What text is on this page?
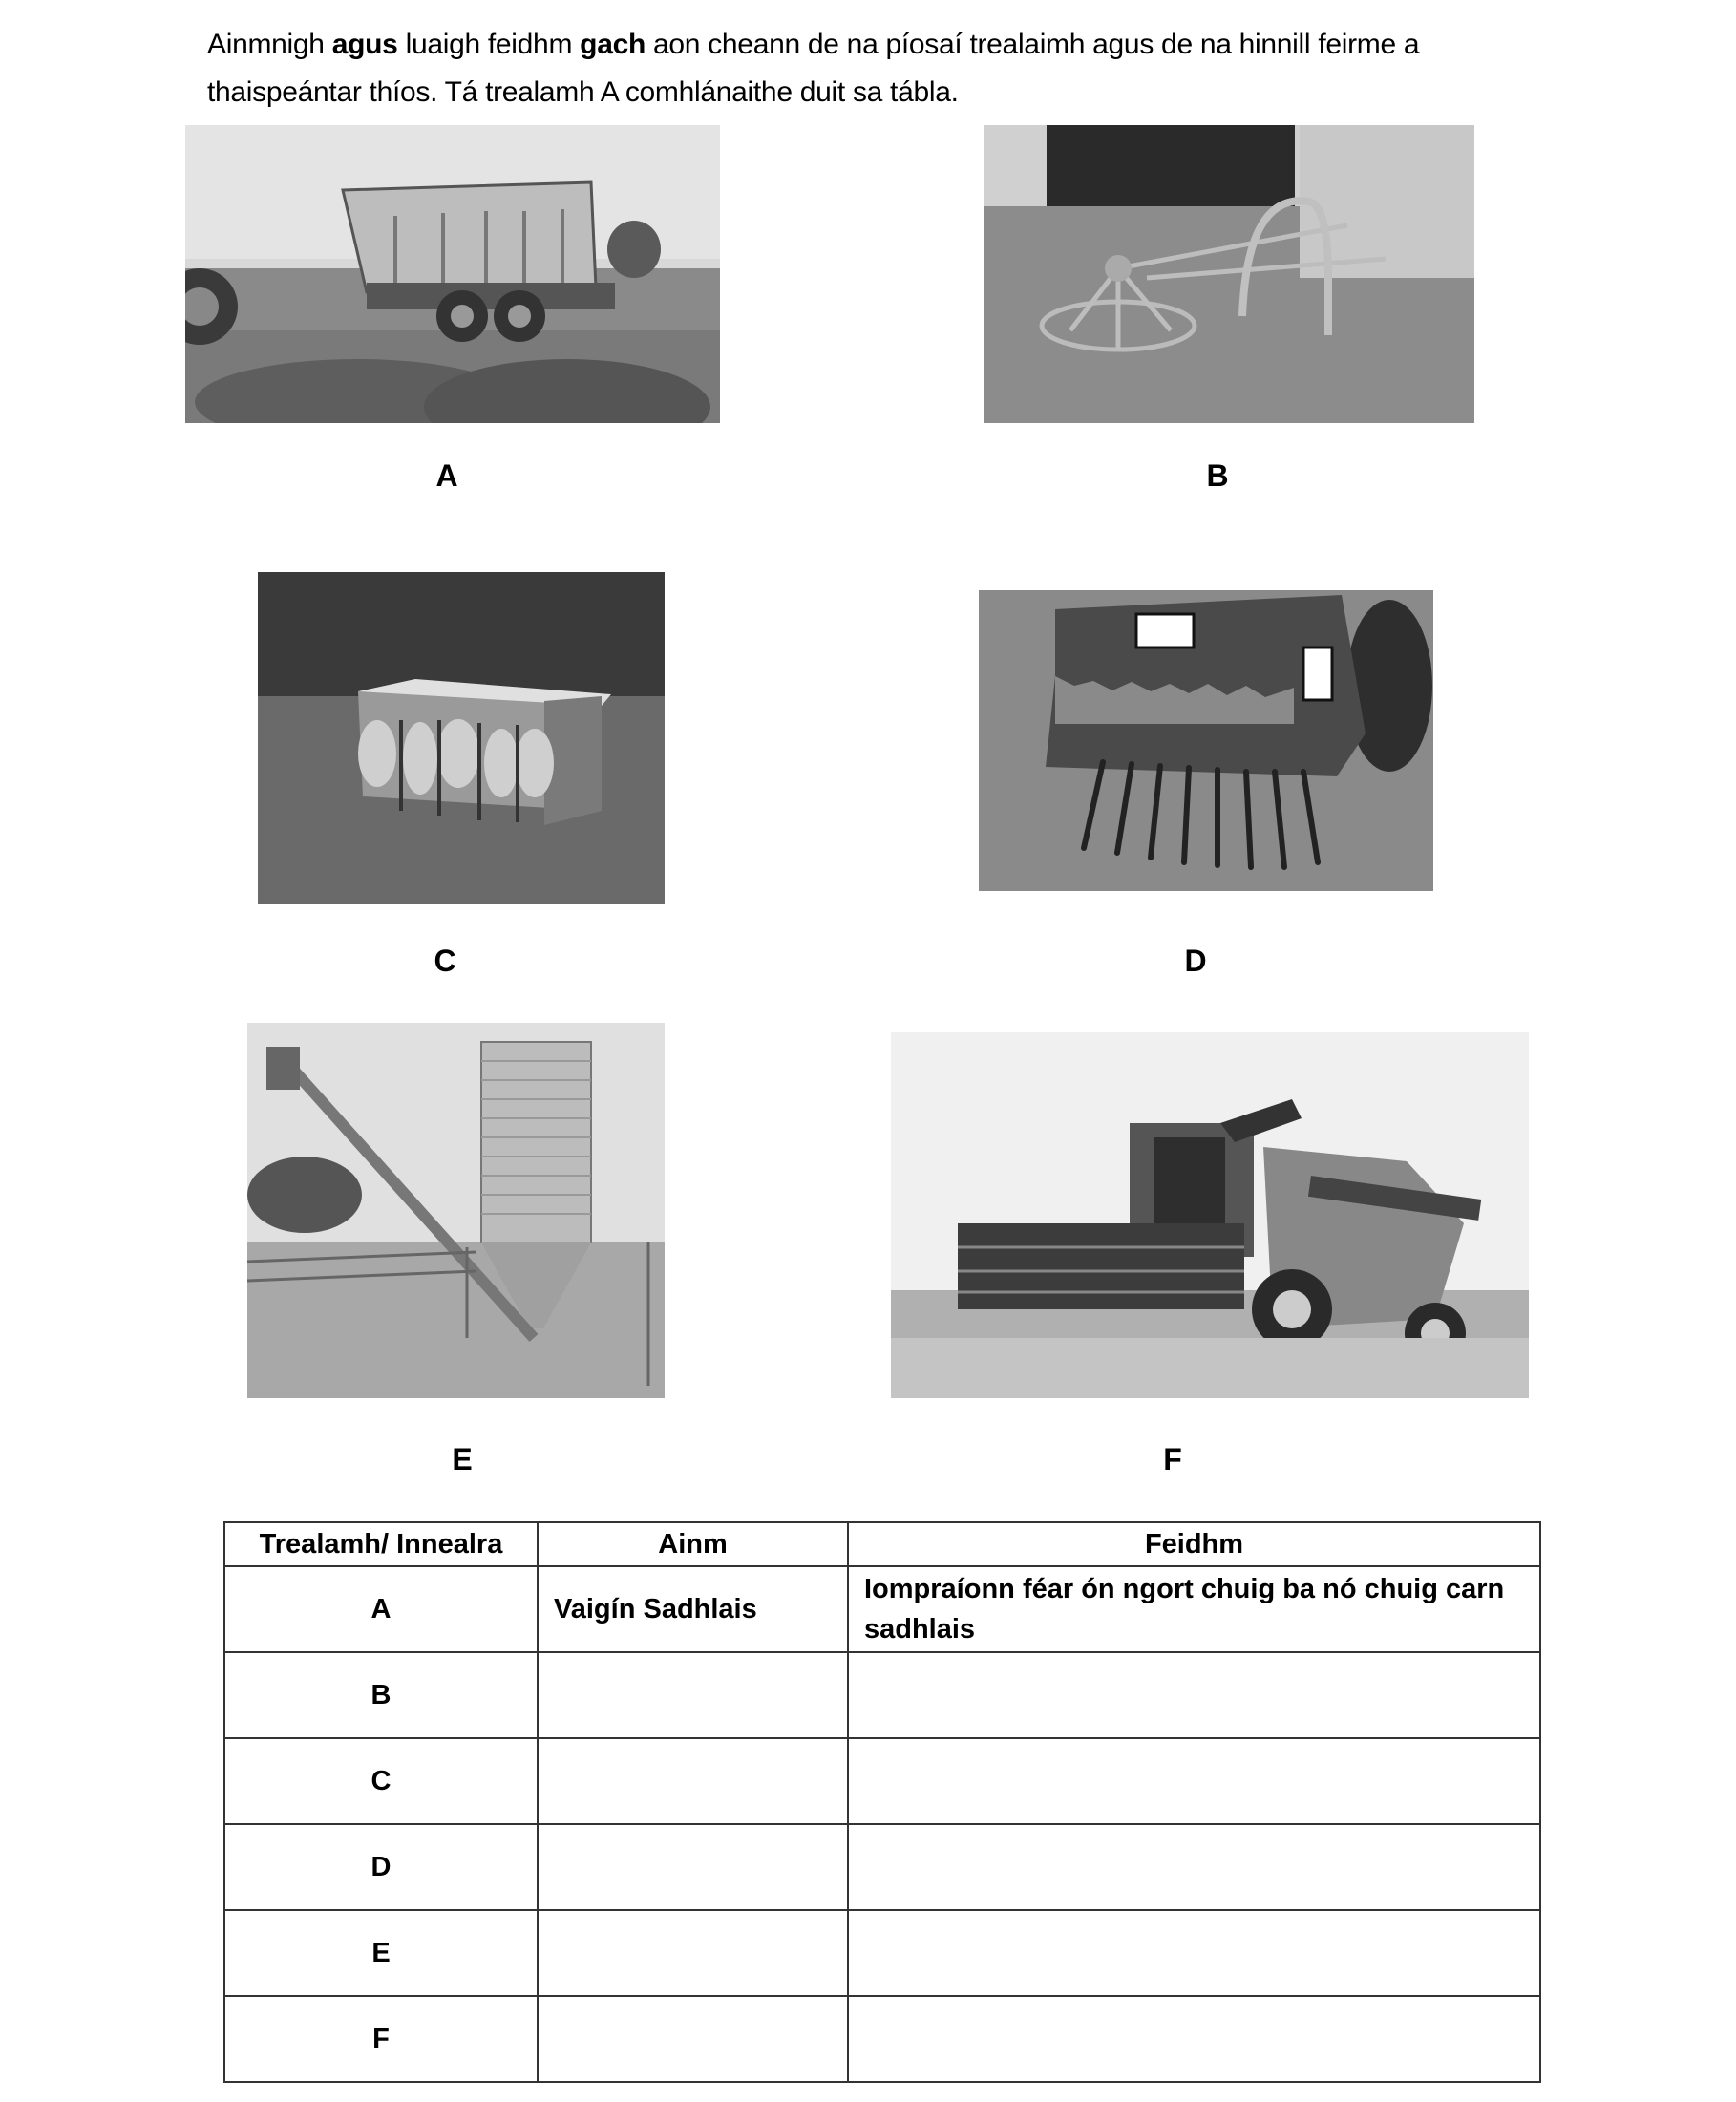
Ainmnigh agus luaigh feidhm gach aon cheann de na píosaí trealaimh agus de na hinnill feirme a
thaispeántar thíos. Tá trealamh A comhlánaithe duit sa tábla.
A	B
C	D
E	F
Trealamh/ Innealra	Ainm	Feidhm
A	Vaigín Sadhlais	Iompraíonn féar ón ngort chuig ba nó chuig carn sadhlais
B		
C		
D		
E		
F		
